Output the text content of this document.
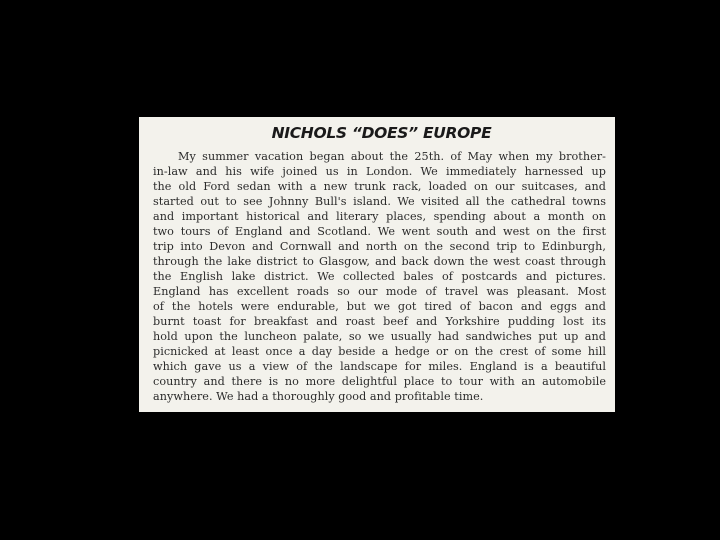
NICHOLS “DOES” EUROPE
My summer vacation began about the 25th. of May when my brother-
in-law and his wife joined us in London. We immediately harnessed up
the old Ford sedan with a new trunk rack, loaded on our suitcases, and
started out to see Johnny Bull's island. We visited all the cathedral towns
and important historical and literary places, spending about a month on
two tours of England and Scotland. We went south and west on the first
trip into Devon and Cornwall and north on the second trip to Edinburgh,
through the lake district to Glasgow, and back down the west coast through
the English lake district. We collected bales of postcards and pictures.
England has excellent roads so our mode of travel was pleasant. Most
of the hotels were endurable, but we got tired of bacon and eggs and
burnt toast for breakfast and roast beef and Yorkshire pudding lost its
hold upon the luncheon palate, so we usually had sandwiches put up and
picnicked at least once a day beside a hedge or on the crest of some hill
which gave us a view of the landscape for miles. England is a beautiful
country and there is no more delightful place to tour with an automobile
anywhere. We had a thoroughly good and profitable time.
